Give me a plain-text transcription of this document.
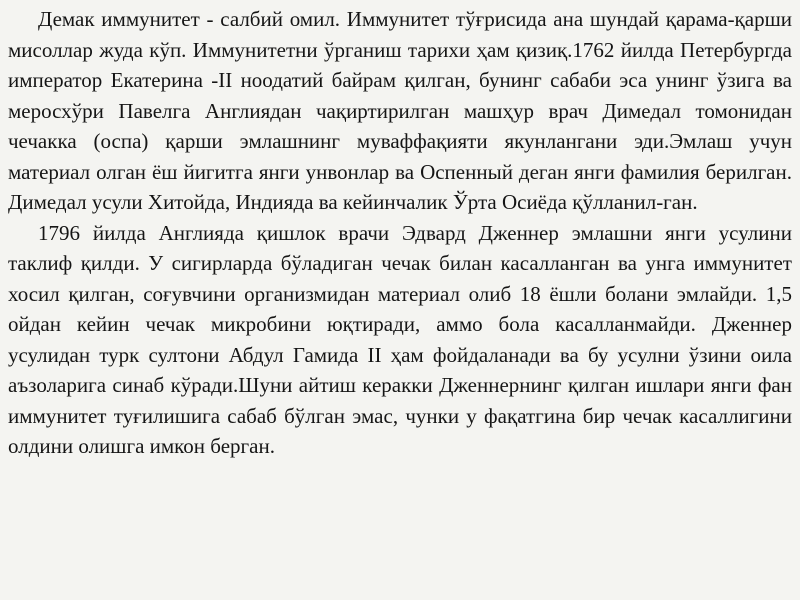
Демак иммунитет - салбий омил. Иммунитет тўғрисида ана шундай қарама-қарши мисоллар жуда кўп. Иммунитетни ўрганиш тарихи ҳам қизиқ.1762 йилда Петербургда император Екатерина -II ноодатий байрам қилган, бунинг сабаби эса унинг ўзига ва меросхўри Павелга Англиядан чақиртирилган машҳур врач Димедал томонидан чечакка (оспа) қарши эмлашнинг муваффақияти якунлангани эди.Эмлаш учун материал олган ёш йигитга янги унвонлар ва Оспенный деган янги фамилия берилган. Димедал усули Хитойда, Индияда ва кейинчалик Ўрта Осиёда қўлланил-ган.

1796 йилда Англияда қишлок врачи Эдвард Дженнер эмлашни янги усулини таклиф қилди. У сигирларда бўладиган чечак билан касалланган ва унга иммунитет хосил қилган, соғувчини организмидан материал олиб 18 ёшли болани эмлайди. 1,5 ойдан кейин чечак микробини юқтиради, аммо бола касалланмайди. Дженнер усулидан турк султони Абдул Гамида II ҳам фойдаланади ва бу усулни ўзини оила аъзоларига синаб кўради.Шуни айтиш керакки Дженнернинг қилган ишлари янги фан иммунитет туғилишига сабаб бўлган эмас, чунки у фақатгина бир чечак касаллигини олдини олишга имкон берган.
